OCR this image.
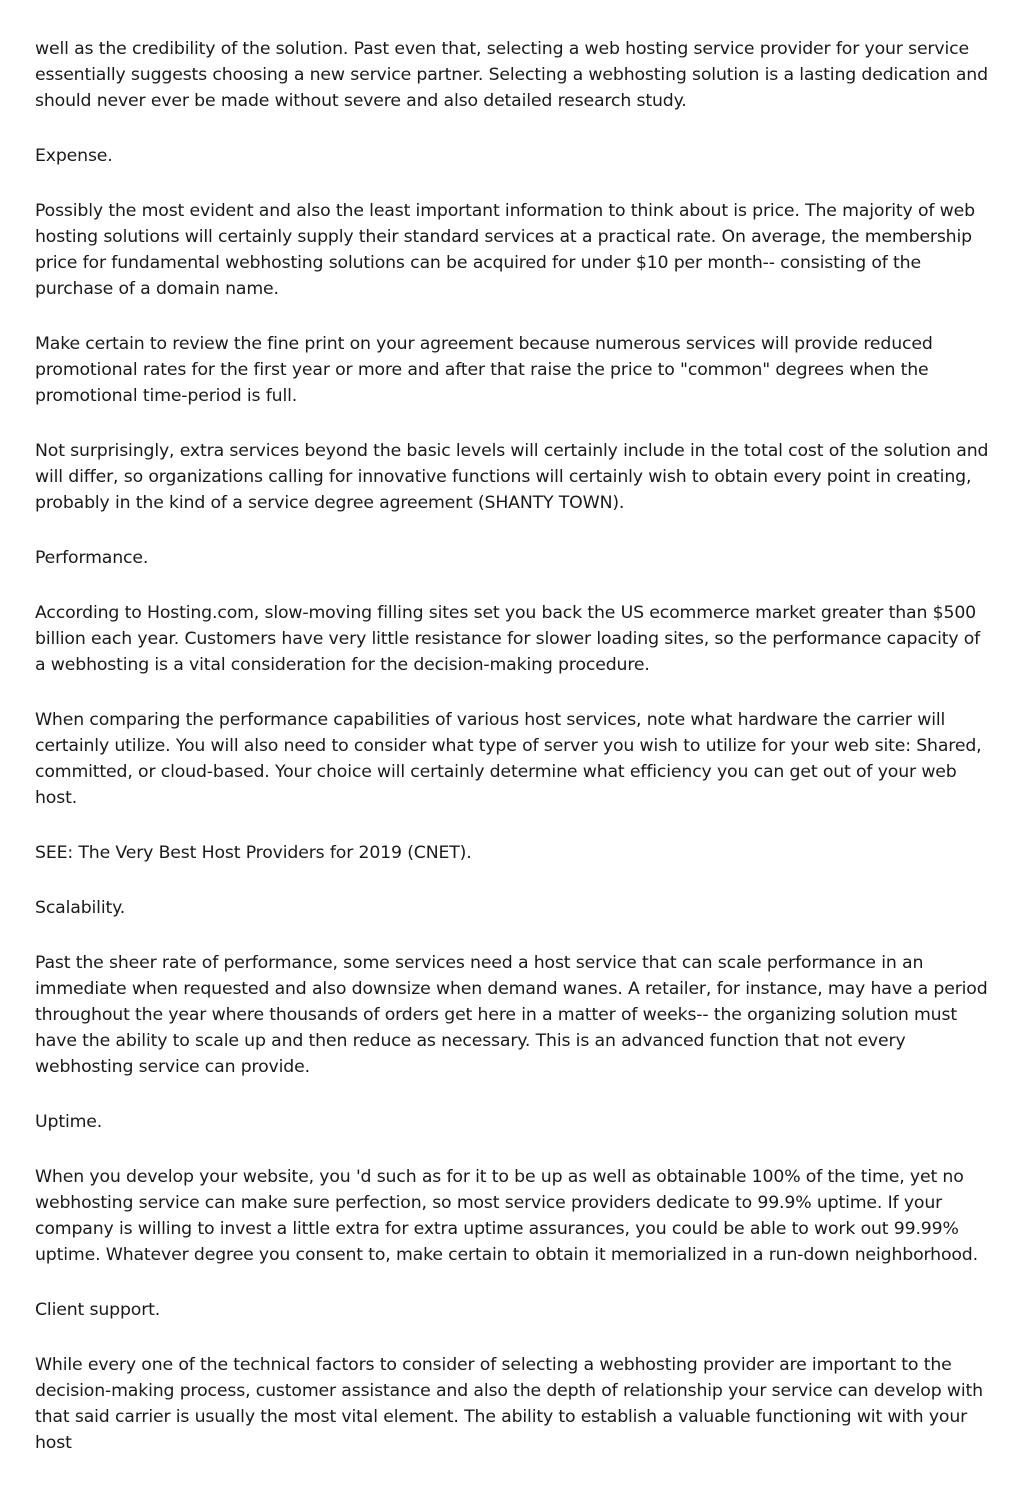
well as the credibility of the solution. Past even that, selecting a web hosting service provider for your service essentially suggests choosing a new service partner. Selecting a webhosting solution is a lasting dedication and should never ever be made without severe and also detailed research study.

Expense.

Possibly the most evident and also the least important information to think about is price. The majority of web hosting solutions will certainly supply their standard services at a practical rate. On average, the membership price for fundamental webhosting solutions can be acquired for under $10 per month-- consisting of the purchase of a domain name.

Make certain to review the fine print on your agreement because numerous services will provide reduced promotional rates for the first year or more and after that raise the price to "common" degrees when the promotional time-period is full.

Not surprisingly, extra services beyond the basic levels will certainly include in the total cost of the solution and will differ, so organizations calling for innovative functions will certainly wish to obtain every point in creating, probably in the kind of a service degree agreement (SHANTY TOWN).

Performance.

According to Hosting.com, slow-moving filling sites set you back the US ecommerce market greater than $500 billion each year. Customers have very little resistance for slower loading sites, so the performance capacity of a webhosting is a vital consideration for the decision-making procedure.

When comparing the performance capabilities of various host services, note what hardware the carrier will certainly utilize. You will also need to consider what type of server you wish to utilize for your web site: Shared, committed, or cloud-based. Your choice will certainly determine what efficiency you can get out of your web host.

SEE: The Very Best Host Providers for 2019 (CNET).

Scalability.

Past the sheer rate of performance, some services need a host service that can scale performance in an immediate when requested and also downsize when demand wanes. A retailer, for instance, may have a period throughout the year where thousands of orders get here in a matter of weeks-- the organizing solution must have the ability to scale up and then reduce as necessary. This is an advanced function that not every webhosting service can provide.

Uptime.

When you develop your website, you 'd such as for it to be up as well as obtainable 100% of the time, yet no webhosting service can make sure perfection, so most service providers dedicate to 99.9% uptime. If your company is willing to invest a little extra for extra uptime assurances, you could be able to work out 99.99% uptime. Whatever degree you consent to, make certain to obtain it memorialized in a run-down neighborhood.

Client support.

While every one of the technical factors to consider of selecting a webhosting provider are important to the decision-making process, customer assistance and also the depth of relationship your service can develop with that said carrier is usually the most vital element. The ability to establish a valuable functioning wit with your host
